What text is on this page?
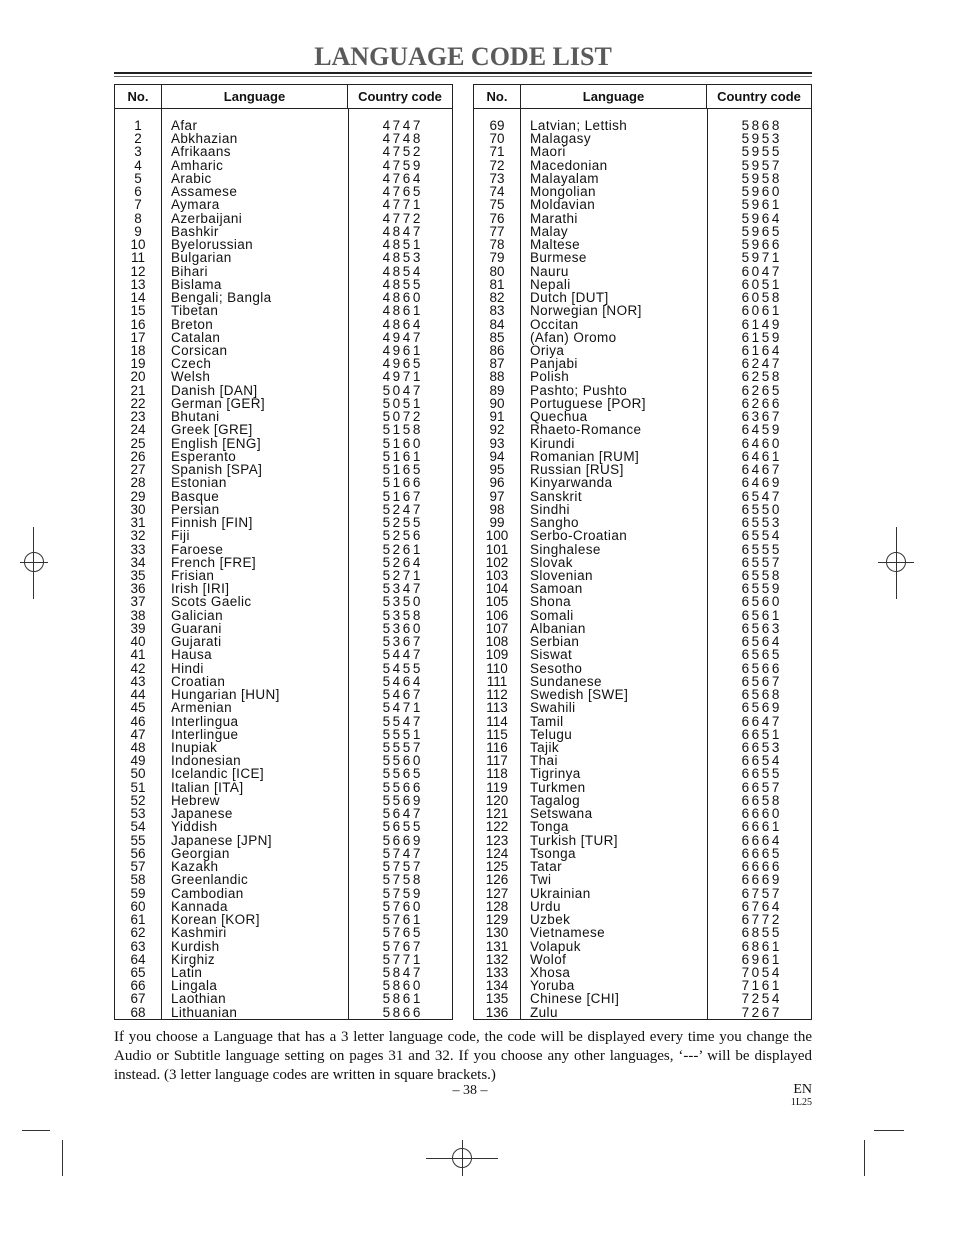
LANGUAGE CODE LIST
No.	Language	Country code
1	Afar	4747
2	Abkhazian	4748
3	Afrikaans	4752
4	Amharic	4759
5	Arabic	4764
6	Assamese	4765
7	Aymara	4771
8	Azerbaijani	4772
9	Bashkir	4847
10	Byelorussian	4851
11	Bulgarian	4853
12	Bihari	4854
13	Bislama	4855
14	Bengali; Bangla	4860
15	Tibetan	4861
16	Breton	4864
17	Catalan	4947
18	Corsican	4961
19	Czech	4965
20	Welsh	4971
21	Danish [DAN]	5047
22	German [GER]	5051
23	Bhutani	5072
24	Greek [GRE]	5158
25	English [ENG]	5160
26	Esperanto	5161
27	Spanish [SPA]	5165
28	Estonian	5166
29	Basque	5167
30	Persian	5247
31	Finnish [FIN]	5255
32	Fiji	5256
33	Faroese	5261
34	French [FRE]	5264
35	Frisian	5271
36	Irish [IRI]	5347
37	Scots Gaelic	5350
38	Galician	5358
39	Guarani	5360
40	Gujarati	5367
41	Hausa	5447
42	Hindi	5455
43	Croatian	5464
44	Hungarian [HUN]	5467
45	Armenian	5471
46	Interlingua	5547
47	Interlingue	5551
48	Inupiak	5557
49	Indonesian	5560
50	Icelandic [ICE]	5565
51	Italian [ITA]	5566
52	Hebrew	5569
53	Japanese	5647
54	Yiddish	5655
55	Japanese [JPN]	5669
56	Georgian	5747
57	Kazakh	5757
58	Greenlandic	5758
59	Cambodian	5759
60	Kannada	5760
61	Korean [KOR]	5761
62	Kashmiri	5765
63	Kurdish	5767
64	Kirghiz	5771
65	Latin	5847
66	Lingala	5860
67	Laothian	5861
68	Lithuanian	5866
No.	Language	Country code
69	Latvian; Lettish	5868
70	Malagasy	5953
71	Maori	5955
72	Macedonian	5957
73	Malayalam	5958
74	Mongolian	5960
75	Moldavian	5961
76	Marathi	5964
77	Malay	5965
78	Maltese	5966
79	Burmese	5971
80	Nauru	6047
81	Nepali	6051
82	Dutch [DUT]	6058
83	Norwegian [NOR]	6061
84	Occitan	6149
85	(Afan) Oromo	6159
86	Oriya	6164
87	Panjabi	6247
88	Polish	6258
89	Pashto; Pushto	6265
90	Portuguese [POR]	6266
91	Quechua	6367
92	Rhaeto-Romance	6459
93	Kirundi	6460
94	Romanian [RUM]	6461
95	Russian [RUS]	6467
96	Kinyarwanda	6469
97	Sanskrit	6547
98	Sindhi	6550
99	Sangho	6553
100	Serbo-Croatian	6554
101	Singhalese	6555
102	Slovak	6557
103	Slovenian	6558
104	Samoan	6559
105	Shona	6560
106	Somali	6561
107	Albanian	6563
108	Serbian	6564
109	Siswat	6565
110	Sesotho	6566
111	Sundanese	6567
112	Swedish [SWE]	6568
113	Swahili	6569
114	Tamil	6647
115	Telugu	6651
116	Tajik	6653
117	Thai	6654
118	Tigrinya	6655
119	Turkmen	6657
120	Tagalog	6658
121	Setswana	6660
122	Tonga	6661
123	Turkish [TUR]	6664
124	Tsonga	6665
125	Tatar	6666
126	Twi	6669
127	Ukrainian	6757
128	Urdu	6764
129	Uzbek	6772
130	Vietnamese	6855
131	Volapuk	6861
132	Wolof	6961
133	Xhosa	7054
134	Yoruba	7161
135	Chinese [CHI]	7254
136	Zulu	7267
If you choose a Language that has a 3 letter language code, the code will be displayed every time you change the Audio or Subtitle language setting on pages 31 and 32. If you choose any other languages, ‘---’ will be displayed instead. (3 letter language codes are written in square brackets.)
– 38 –	EN
1L25
